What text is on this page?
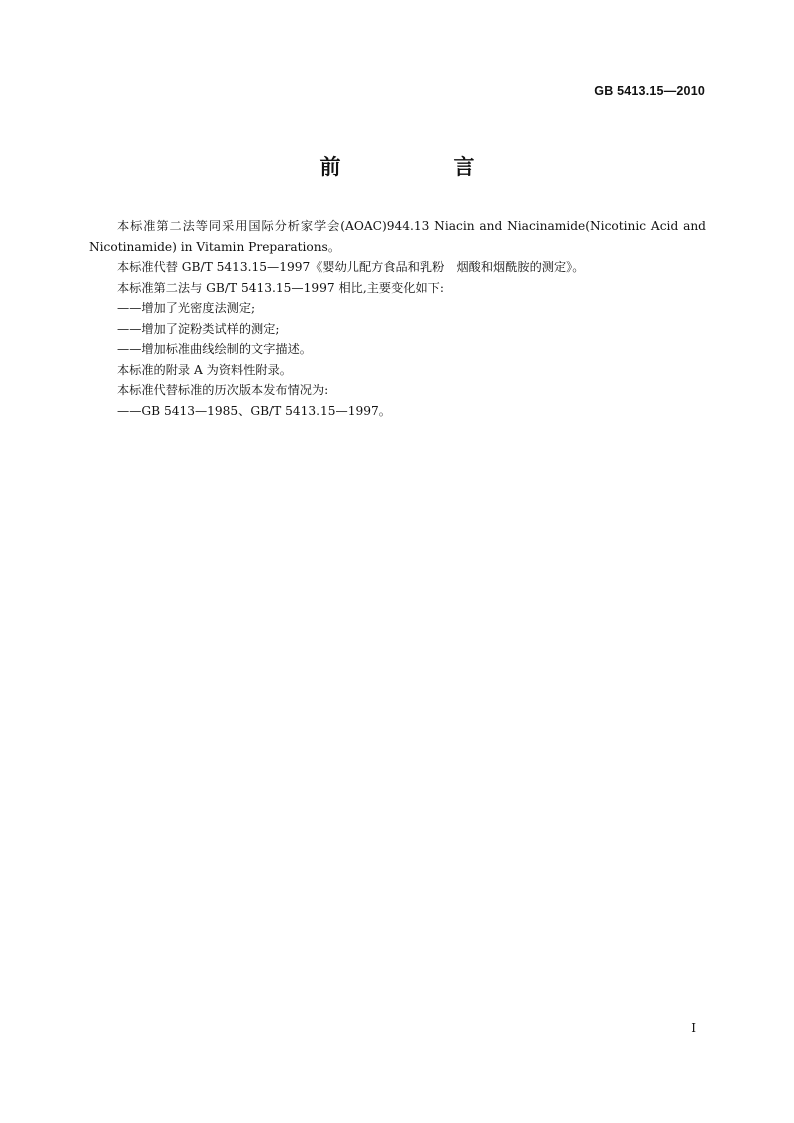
GB 5413.15—2010
前　言

本标准第二法等同采用国际分析家学会(AOAC)944.13 Niacin and Niacinamide(Nicotinic Acid and Nicotinamide) in Vitamin Preparations。

本标准代替 GB/T 5413.15—1997《婴幼儿配方食品和乳粉　烟酸和烟酰胺的测定》。

本标准第二法与 GB/T 5413.15—1997 相比,主要变化如下:

——增加了光密度法测定;

——增加了淀粉类试样的测定;

——增加标准曲线绘制的文字描述。

本标准的附录 A 为资料性附录。

本标准代替标准的历次版本发布情况为:

——GB 5413—1985、GB/T 5413.15—1997。

I
